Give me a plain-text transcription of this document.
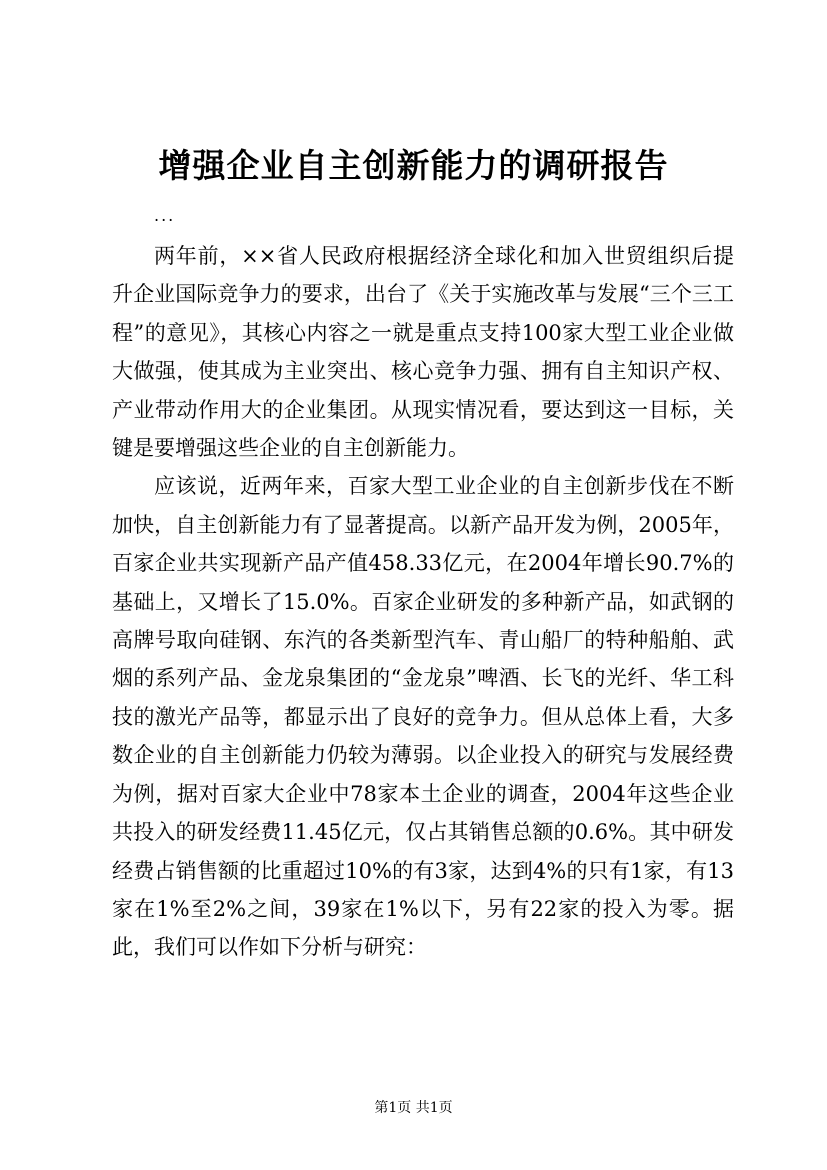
增强企业自主创新能力的调研报告
...

两年前，××省人民政府根据经济全球化和加入世贸组织后提升企业国际竞争力的要求，出台了《关于实施改革与发展“三个三工程”的意见》，其核心内容之一就是重点支持100家大型工业企业做大做强，使其成为主业突出、核心竞争力强、拥有自主知识产权、产业带动作用大的企业集团。从现实情况看，要达到这一目标，关键是要增强这些企业的自主创新能力。

应该说，近两年来，百家大型工业企业的自主创新步伐在不断加快，自主创新能力有了显著提高。以新产品开发为例，2005年，百家企业共实现新产品产值458.33亿元，在2004年增长90.7%的基础上，又增长了15.0%。百家企业研发的多种新产品，如武钢的高牌号取向硅钢、东汽的各类新型汽车、青山船厂的特种船舶、武烟的系列产品、金龙泉集团的“金龙泉”啤酒、长飞的光纤、华工科技的激光产品等，都显示出了良好的竞争力。但从总体上看，大多数企业的自主创新能力仍较为薄弱。以企业投入的研究与发展经费为例，据对百家大企业中78家本土企业的调查，2004年这些企业共投入的研发经费11.45亿元，仅占其销售总额的0.6%。其中研发经费占销售额的比重超过10%的有3家，达到4%的只有1家，有13家在1%至2%之间，39家在1%以下，另有22家的投入为零。据此，我们可以作如下分析与研究：

第1页 共1页
